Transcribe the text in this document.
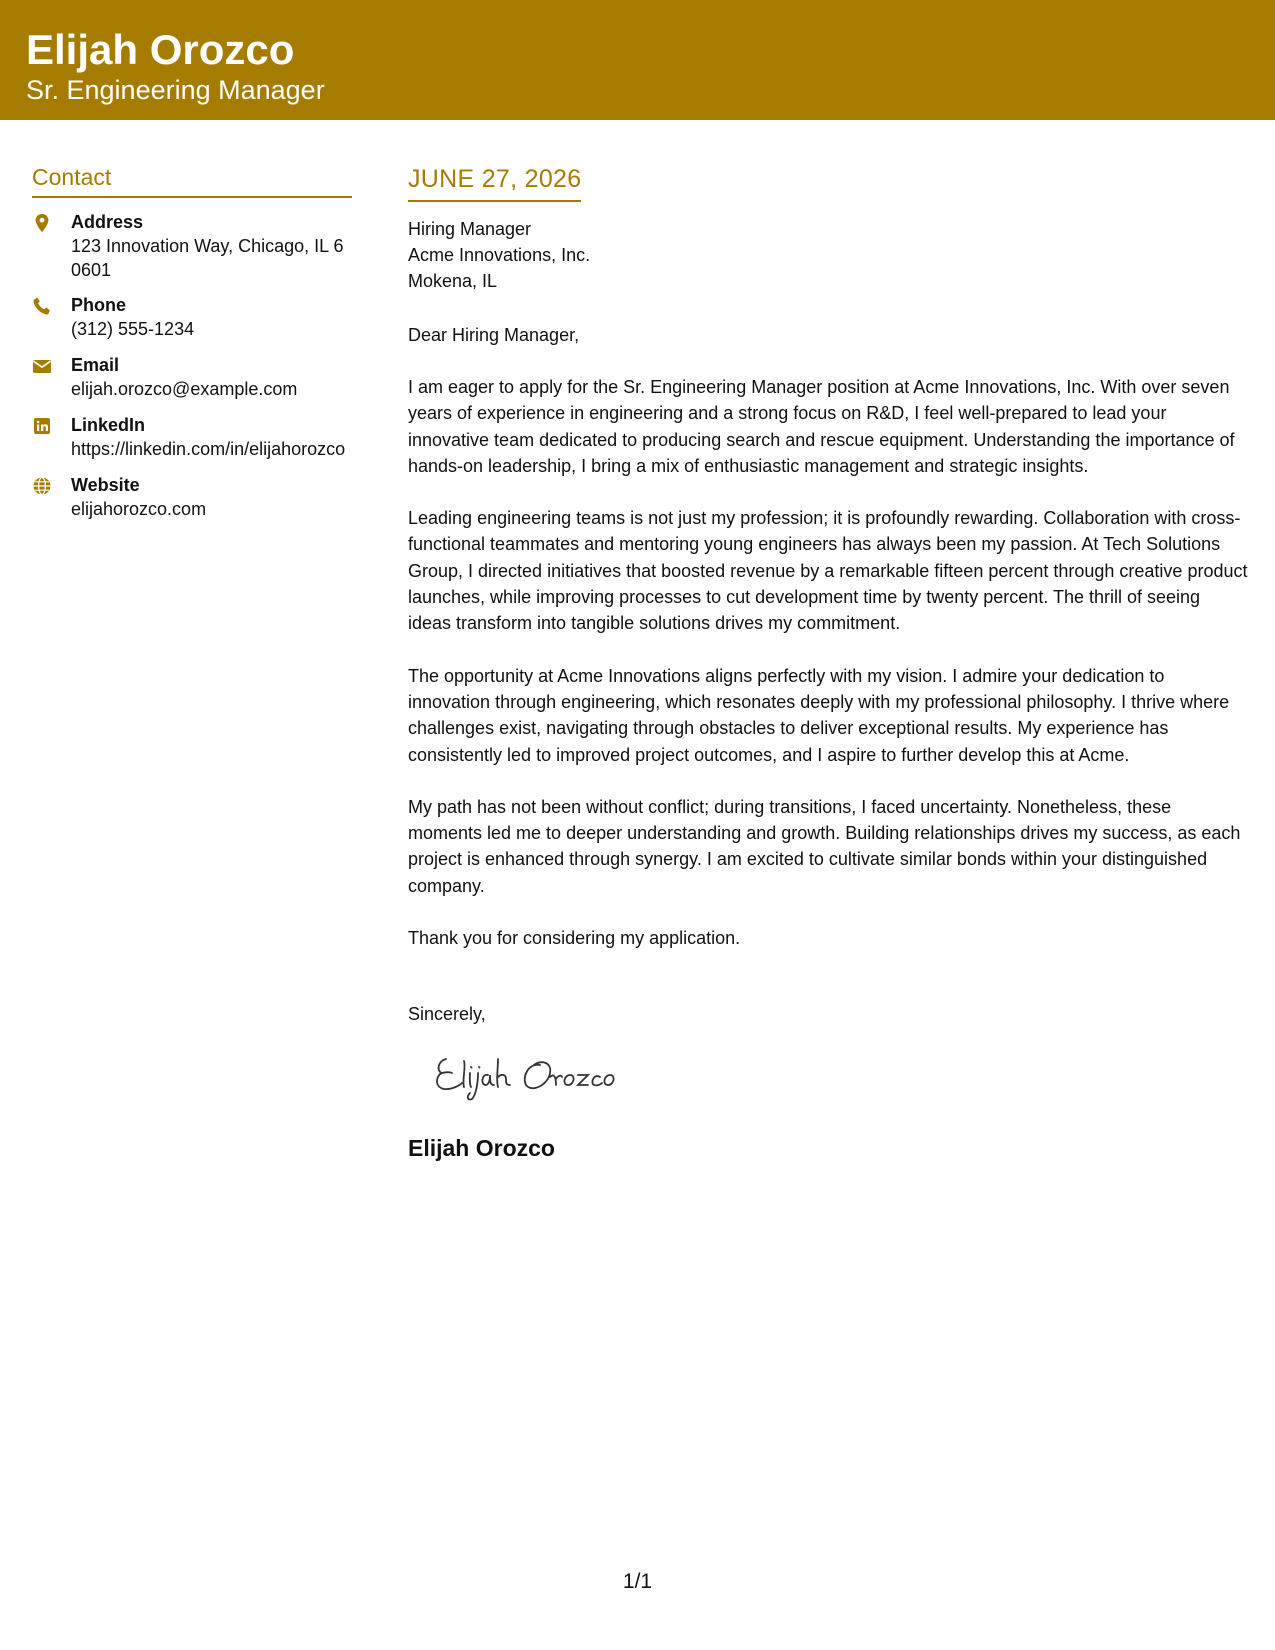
Elijah Orozco
Sr. Engineering Manager
Contact
Address
123 Innovation Way, Chicago, IL 60601
Phone
(312) 555-1234
Email
elijah.orozco@example.com
LinkedIn
https://linkedin.com/in/elijahorozco
Website
elijahorozco.com
JUNE 27, 2026
Hiring Manager
Acme Innovations, Inc.
Mokena, IL
Dear Hiring Manager,

I am eager to apply for the Sr. Engineering Manager position at Acme Innovations, Inc. With over seven years of experience in engineering and a strong focus on R&D, I feel well-prepared to lead your innovative team dedicated to producing search and rescue equipment. Understanding the importance of hands-on leadership, I bring a mix of enthusiastic management and strategic insights.

Leading engineering teams is not just my profession; it is profoundly rewarding. Collaboration with cross-functional teammates and mentoring young engineers has always been my passion. At Tech Solutions Group, I directed initiatives that boosted revenue by a remarkable fifteen percent through creative product launches, while improving processes to cut development time by twenty percent. The thrill of seeing ideas transform into tangible solutions drives my commitment.

The opportunity at Acme Innovations aligns perfectly with my vision. I admire your dedication to innovation through engineering, which resonates deeply with my professional philosophy. I thrive where challenges exist, navigating through obstacles to deliver exceptional results. My experience has consistently led to improved project outcomes, and I aspire to further develop this at Acme.

My path has not been without conflict; during transitions, I faced uncertainty. Nonetheless, these moments led me to deeper understanding and growth. Building relationships drives my success, as each project is enhanced through synergy. I am excited to cultivate similar bonds within your distinguished company.

Thank you for considering my application.

Sincerely,
Elijah Orozco
1/1
